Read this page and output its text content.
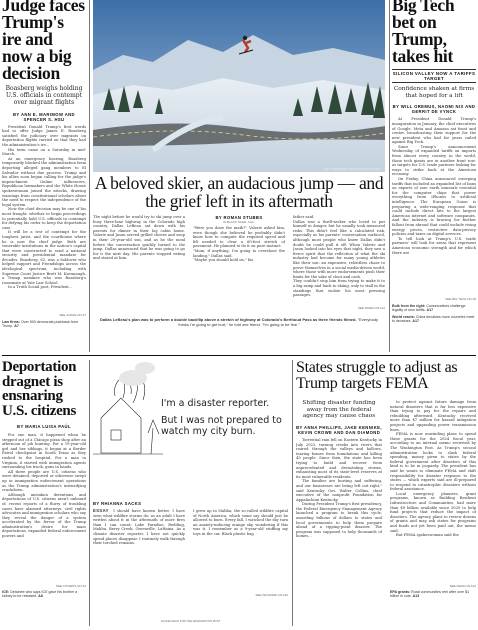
Judge faces Trump's ire and now a big decision
Boasberg weighs holding U.S. officials in contempt over migrant flights
BY ANN E. MARIMOW AND SPENCER S. HSU

President Donald Trump's first words had to offer Judge James E. Boasberg satisfied the judiciary over migrants on deportation flights carried on that they had the administration's ire...

His term came on a Saturday in mid-March.

At an emergency hearing, Boasberg temporarily blocked the administration from deporting alleged gang members to El Salvador without due process. Trump and his allies soon began calling for the judge's impeachment. Online influencers, Republican lawmakers and the White House spokeswoman joined the attacks, drawing warnings from constitutional scholars about the need to respect the independence of the legal system.

Now the chief decision may be one of his most fraught: whether to begin proceedings to potentially hold U.S. officials in contempt for defying his order to keep the deportation case.

It will be a test of contempt for the toughest jurist, and the courthouse where he is now the chief judge. Both are venerable institutions in the nation's capital that were constructed to send a national security and presidential mandate for decades. Boasberg, 62, was a holdover who helped support and Friendships across the ideological spectrum, including with Supreme Court Justice Brett M. Kavanaugh, a Trump nominee who was Boasberg's roommate at Yale Law School.

In a Truth Social post, President...

SEE JUDGE ON A7
Law firms: Over 500 democrats pushback from Trump. A7
JOEY GARRISON/THE WASHINGTON POST
A beloved skier, an audacious jump — and the grief left in its aftermath
The night before he would try to ski jump over a busy three-lane highway in the Colorado high country, Dallas LeBeau sat down with his parents for dinner in their log cabin home. Valerie and Jason served grilled cheese and soup in their 20-year-old son, and as he the meal before the conversation quickly turned to the jump. Dallas announced that he was going to go for it the next day. His parents stopped eating and stared at him.
BY ROMAN STUBBS
IN BLACK SAGE, Colo.
"Were you done the math?" Valerie asked him, even though she believed he probably didn't know how to compute the required speed and lift needed to clear a 60-foot stretch of pavement. He planned to do it on pure instinct.
"Mom, if anything, I'm going to overshoot the landing," Dallas said.
"Maybe you should hold on," his
father said.
Dallas was a thrill-seeker who loved to put himself in danger, but he usually took measured risks. This didn't feel like a calculated risk, especially as his parents' conversation surfaced, although most people who knew Dallas didn't doubt he could pull it off. When Valerie and Jason looked into his eyes that night, they saw a fierce spirit that the reflection of what the ski industry had become for many young athletes like their son: an expensive, relentless chase to prove themselves in a social media-driven world, where those with more endorsements push their limits for the sake of clout and cash.
They couldn't stop him from trying to make it to a big ramp and back to skiing, only to stall in the standings that violate his most pressing passages.
SEE SKIER ON A12
Dallas LeBeau's plan was to perform a double backflip above a stretch of highway at Colorado's Berthoud Pass as three friends filmed. "Everybody thinks I'm going to get hurt," he told one friend. "I'm going to be fine."
Big Tech bet on Trump, takes hit
SILICON VALLEY NOW A TARIFFS TARGET
Confidence shaken at firms that hoped for a lift
BY WILL OREMUS, NAOMI NIX AND GERRIT DE VYNCK

At President Donald Trump's inauguration in January, the chief executives of Google, Meta and Amazon sat front and center, broadcasting their support for the new president who had for years railed against Big Tech.

Since Trump's announcement Wednesday of expanded tariffs on imports from almost every country in the world, those tech giants are in another front row: as targets for U.S. trade partners looking for ways to strike back at the American economy.

On Friday, China announced sweeping tariffs that included an expanded list of bans on exports of rare earth minerals essential for the computer chips that power everything from iPhones to artificial intelligence. The European Union is preparing a wide-ranging response that could include direct hits to the largest American internet and software companies. And the industry is bracing for further fallout from abroad that could include rising energy prices, restrictive data-privacy policies and taxes on digital services.

To tell look at Trump's U.S. trade partners' will look for areas that represent American economic strength and for which there are

SEE BIG TECH ON A6
Bulk from the right: Conservatives challenge legality of new tariffs. A17
World reacts: China devalues more countries meet to devalues. A17
Deportation dragnet is ensnaring U.S. citizens
BY MARIA LUISA PAÚL

For one man, it happened when he stepped out of a Chicago pizza shop after an afternoon of job hunting. For a 19-year-old girl and her siblings, it began at a Border Patrol checkpoint in South Texas as they rushed to the hospital. For a man in Virginia, it started with immigration agents surrounding his truck, guns in hands.

All three people are U.S. citizens who were detained, deported or otherwise swept up in immigration enforcement operations as the Trump administration's intensifying crackdown.

Although mistaken detentions and deportations of U.S. citizens aren't unheard of, recent reports of a flurry of troubling cases have alarmed attorneys, civil rights advocates and immigration scholars who say they reveal the danger of a system accelerated by the fervor of the Trump administration's desire for mass deportations, expanded federal enforcement powers and

SEE CITIZENS ON A4
ICE: Detainee who says ICE gave his brother a kidney to be released. A8
I'm a disaster reporter.
But I was not prepared to watch my city burn.
BY RHIANNA SACKS
ESSAY I should have known better. I have seen what wildfire storms do; as an adult I have written about it in the aftermath of more fires than I can count: Lake Paradise, Redding, Malibu, Berry Creek, Greenville, LaHaina. As a climate disaster reporter, I have not quickly spend places disappear. I routinely walk through their torched remains.
I grew up in Malibu, the so-called wildfire capital of North America, which some say should just be allowed to burn. Every fall, I watched the sky turn an anxiety-inducing orange sky, wondering if this was it. I remember as a 9-year-old stuffing my toys in the car. Black plastic bag
SEE WILDFIRE ON A20
JACKIE ZHAO FOR THE WASHINGTON POST
States struggle to adjust as Trump targets FEMA
Shifting disaster funding away from the federal agency may cause chaos
BY ANNA PHILLIPS, JAKE KENNIKE, KEVIN CROWE AND DAN DIAMOND

Torrential rain fell on Eastern Kentucky in July 2022, turning creeks into rivers that roared through the valleys and hollows, tearing homes from foundations and killing 45 people. Since then, the state has been trying to build and recover from unprecedented and devastating storms, exhausting most of its state-level reserves at its most vulnerable residents.

The families are hurting and suffering, and our businesses are being left out right," said Kentucky Gov. Walter Collins, chief executive of the nonprofit Foundation for Appalachian Kentucky.

During President Trump's first presidency, the Federal Emergency Management Agency launched a program to break this cycle, awarding billions of dollars to states and local governments to help them prepare ahead of a tipping-point disaster. The program was supposed to help thousands of homes...

to protect against future damage from natural disasters that is far less expensive than trying to pay for the repairs and rebuilding afterward. Kentucky received more than $7 million for hazard mitigation projects and upgrading power transmission lines.

FEMA is now unwinding plans to spend these grants for the 2024 fiscal year, according to an internal memo reviewed by The Washington Post. As Trump's second administration looks to slash federal spending, money given to states by the federal government after disasters of this kind is to be in jeopardy. The president has said he wants to eliminate FEMA and shift responsibility for disaster response to the states — which experts said are ill-prepared to respond to catastrophic disasters without federal assistance.

Local emergency planners, grant programs, known as Building Resilient Infrastructure and Communities, had more than $9 billion available since 2020 to help fund projects that reduce the impact of disasters. The agency plans to review dozens of grants and may ask states for programs and funds not yet been paid out, the memo said.

But FEMA spokeswoman said the

SEE FEMA ON A12
EPA grants: Rural communities reel after over $1 billion in cuts. A13
